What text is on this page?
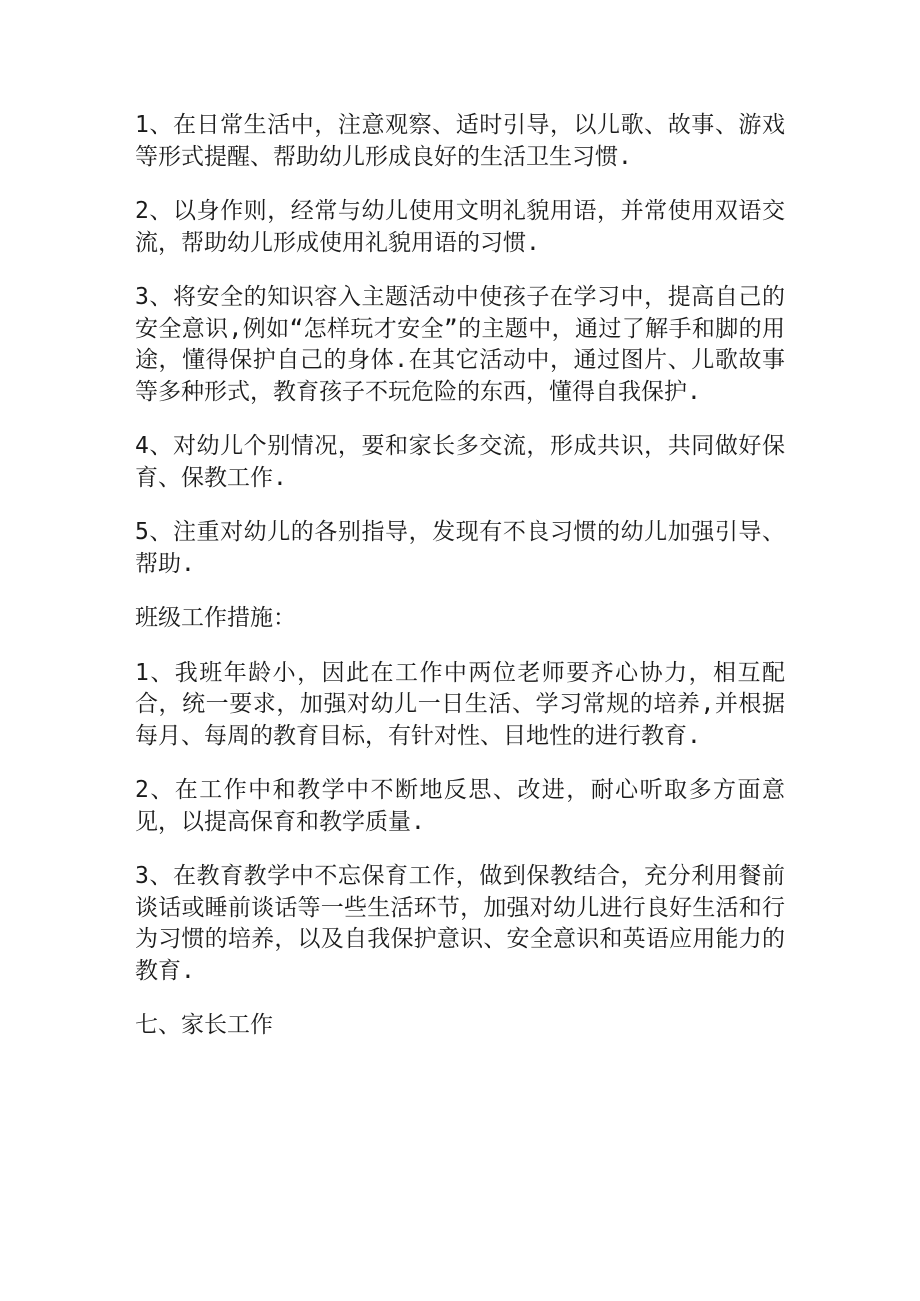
1、在日常生活中，注意观察、适时引导，以儿歌、故事、游戏等形式提醒、帮助幼儿形成良好的生活卫生习惯.

2、以身作则，经常与幼儿使用文明礼貌用语，并常使用双语交流，帮助幼儿形成使用礼貌用语的习惯.

3、将安全的知识容入主题活动中使孩子在学习中，提高自己的安全意识,例如“怎样玩才安全”的主题中，通过了解手和脚的用途，懂得保护自己的身体.在其它活动中，通过图片、儿歌故事等多种形式，教育孩子不玩危险的东西，懂得自我保护.

4、对幼儿个别情况，要和家长多交流，形成共识，共同做好保育、保教工作.

5、注重对幼儿的各别指导，发现有不良习惯的幼儿加强引导、帮助.

班级工作措施：

1、我班年龄小，因此在工作中两位老师要齐心协力，相互配合，统一要求，加强对幼儿一日生活、学习常规的培养,并根据每月、每周的教育目标，有针对性、目地性的进行教育.

2、在工作中和教学中不断地反思、改进，耐心听取多方面意见，以提高保育和教学质量.

3、在教育教学中不忘保育工作，做到保教结合，充分利用餐前谈话或睡前谈话等一些生活环节，加强对幼儿进行良好生活和行为习惯的培养，以及自我保护意识、安全意识和英语应用能力的教育.

七、家长工作
